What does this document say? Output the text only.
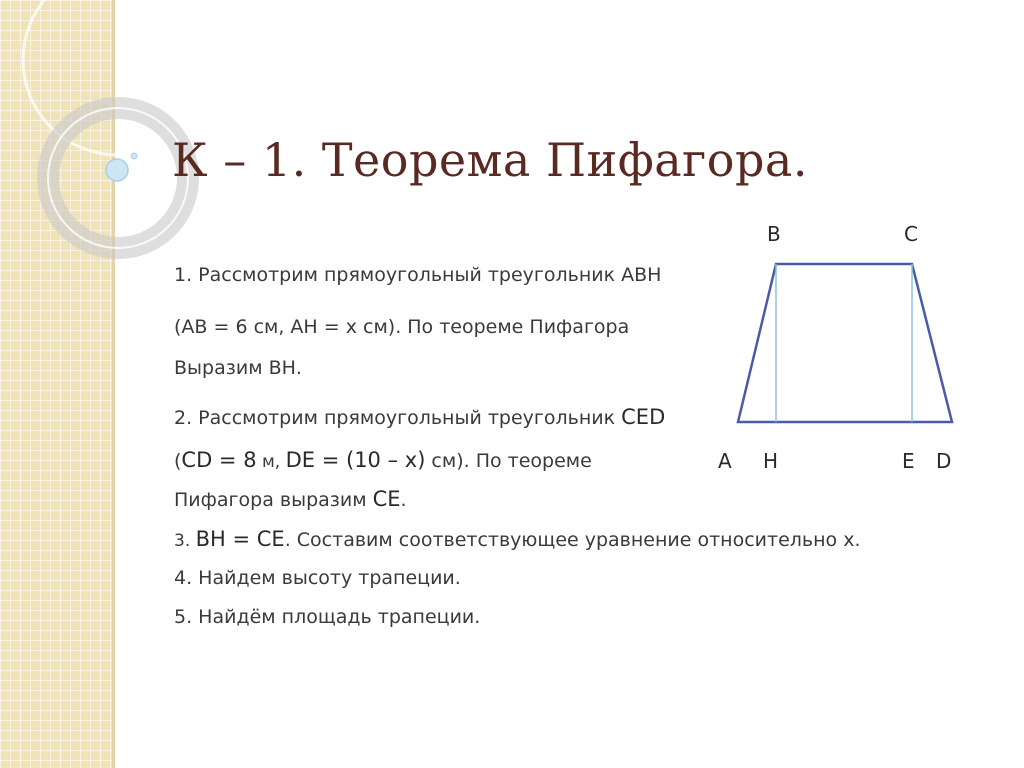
К – 1. Теорема Пифагора.
1. Рассмотрим прямоугольный треугольник АВН
(АВ = 6 см, АН = х см). По теореме Пифагора
Выразим ВН.
2. Рассмотрим прямоугольный треугольник CED
(CD = 8 м, DE = (10 – x) см). По теореме
Пифагора выразим CE.
3. BH = CE. Составим соответствующее уравнение относительно х.
4. Найдем высоту трапеции.
5. Найдём площадь трапеции.
B	C
A H	E D
